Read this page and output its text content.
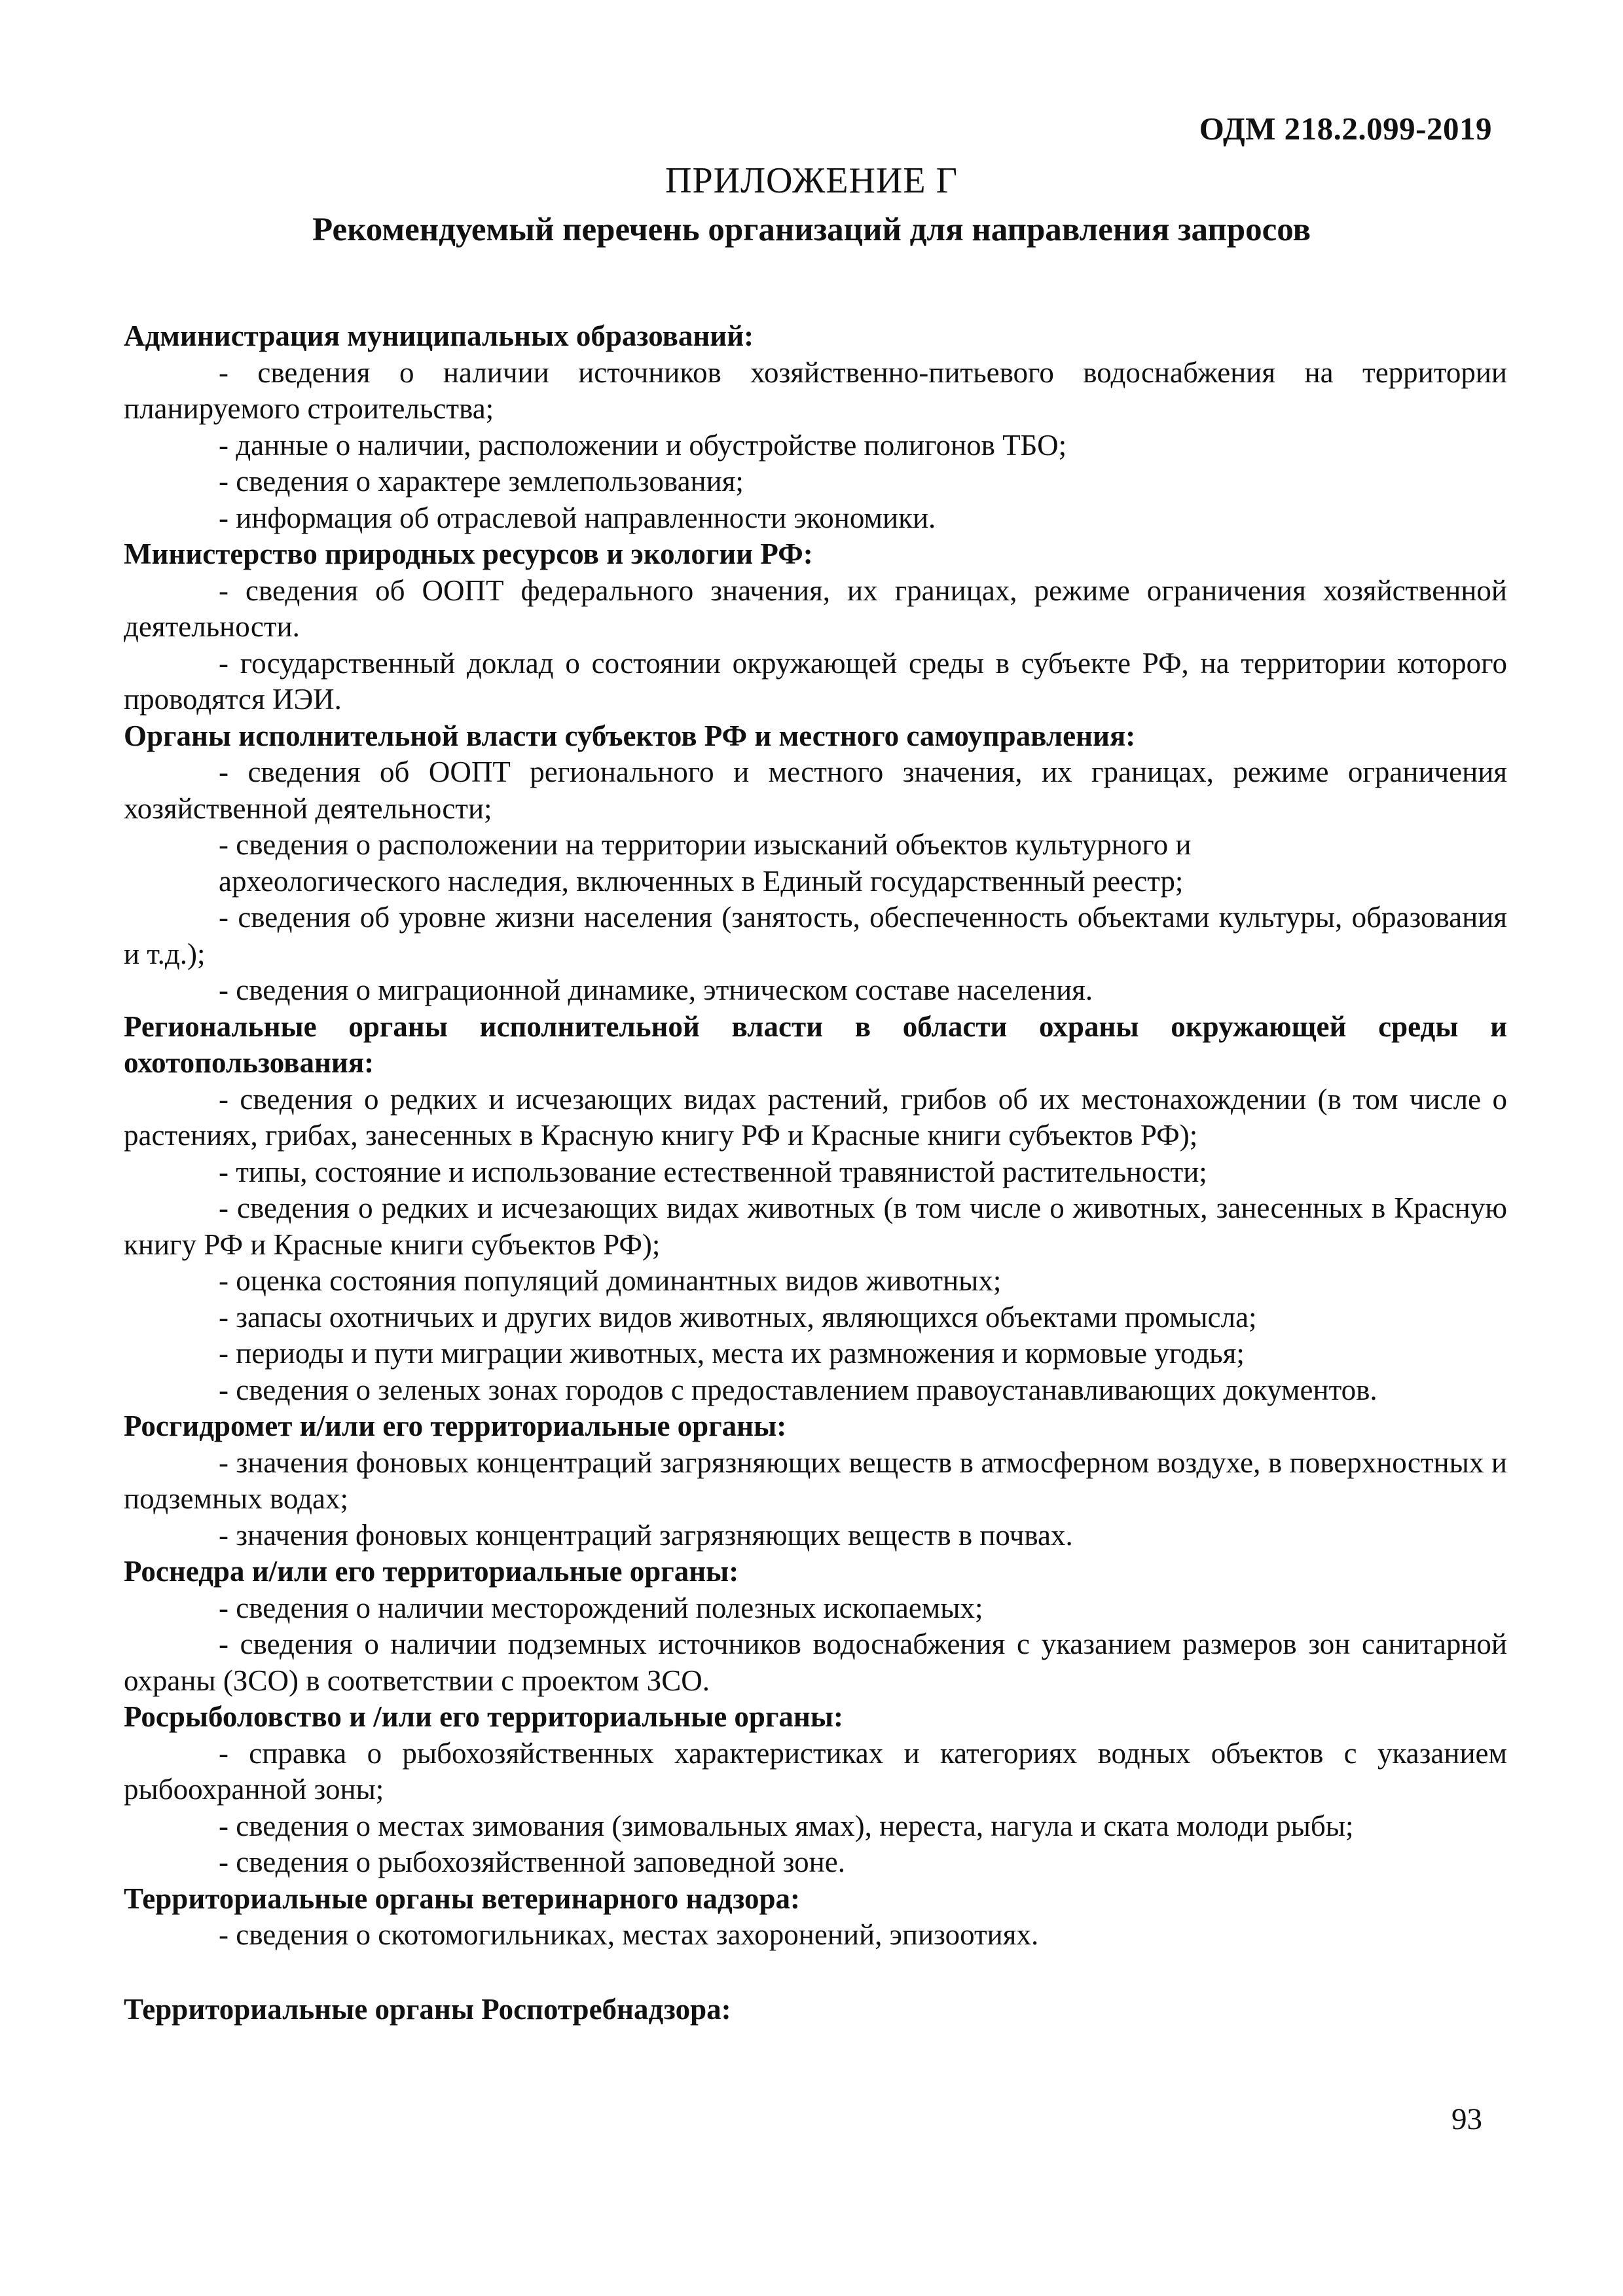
ОДМ 218.2.099-2019
ПРИЛОЖЕНИЕ Г
Рекомендуемый перечень организаций для направления запросов

Администрация муниципальных образований:

- сведения о наличии источников хозяйственно-питьевого водоснабжения на территории планируемого строительства;

- данные о наличии, расположении и обустройстве полигонов ТБО;

- сведения о характере землепользования;

- информация об отраслевой направленности экономики.

Министерство природных ресурсов и экологии РФ:

- сведения об ООПТ федерального значения, их границах, режиме ограничения хозяйственной деятельности.

- государственный доклад о состоянии окружающей среды в субъекте РФ, на территории которого проводятся ИЭИ.

Органы исполнительной власти субъектов РФ и местного самоуправления:

- сведения об ООПТ регионального и местного значения, их границах, режиме ограничения хозяйственной деятельности;

- сведения о расположении на территории изысканий объектов культурного и

археологического наследия, включенных в Единый государственный реестр;

- сведения об уровне жизни населения (занятость, обеспеченность объектами культуры, образования и т.д.);

- сведения о миграционной динамике, этническом составе населения.

Региональные органы исполнительной власти в области охраны окружающей среды и охотопользования:

- сведения о редких и исчезающих видах растений, грибов об их местонахождении (в том числе о растениях, грибах, занесенных в Красную книгу РФ и Красные книги субъектов РФ);

- типы, состояние и использование естественной травянистой растительности;

- сведения о редких и исчезающих видах животных (в том числе о животных, занесенных в Красную книгу РФ и Красные книги субъектов РФ);

- оценка состояния популяций доминантных видов животных;

- запасы охотничьих и других видов животных, являющихся объектами промысла;

- периоды и пути миграции животных, места их размножения и кормовые угодья;

- сведения о зеленых зонах городов с предоставлением правоустанавливающих документов.

Росгидромет и/или его территориальные органы:

- значения фоновых концентраций загрязняющих веществ в атмосферном воздухе, в поверхностных и подземных водах;

- значения фоновых концентраций загрязняющих веществ в почвах.

Роснедра и/или его территориальные органы:

- сведения о наличии месторождений полезных ископаемых;

- сведения о наличии подземных источников водоснабжения с указанием размеров зон санитарной охраны (ЗСО) в соответствии с проектом ЗСО.

Росрыболовство и /или его территориальные органы:

- справка о рыбохозяйственных характеристиках и категориях водных объектов с указанием рыбоохранной зоны;

- сведения о местах зимования (зимовальных ямах), нереста, нагула и ската молоди рыбы;

- сведения о рыбохозяйственной заповедной зоне.

Территориальные органы ветеринарного надзора:

- сведения о скотомогильниках, местах захоронений, эпизоотиях.

Территориальные органы Роспотребнадзора:

93
